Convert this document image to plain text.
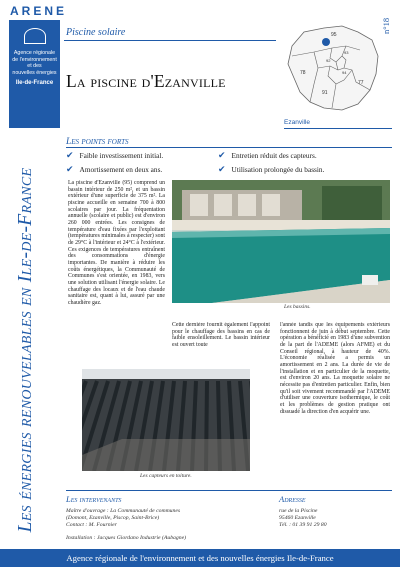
ARENE
Agence régionale
de l'environnement
et des
nouvelles énergies
Ile-de-France
Les énergies renouvelables en Ile-de-France
Piscine solaire
La piscine d'Ezanville
n°18
95
78
92
93
94
91
77
Ezanville
Les points forts
✔ Faible investissement initial.
✔ Amortissement en deux ans.
✔ Entretien réduit des capteurs.
✔ Utilisation prolongée du bassin.
La piscine d'Ezanville (95) comprend un bassin intérieur de 250 m², et un bassin extérieur d'une superficie de 375 m². La piscine accueille en semaine 700 à 800 scolaires par jour. La fréquentation annuelle (scolaire et public) est d'environ 260 000 entrées. Les consignes de température d'eau fixées par l'exploitant (températures minimales à respecter) sont de 29°C à l'intérieur et 24°C à l'extérieur. Ces exigences de températures entraînent des consommations d'énergie importantes. De manière à réduire les coûts énergétiques, la Communauté de Communes s'est orientée, en 1983, vers une solution utilisant l'énergie solaire. Le chauffage des locaux et de l'eau chaude sanitaire est, quant à lui, assuré par une chaudière gaz.
Cette dernière fournit également l'appoint pour le chauffage des bassins en cas de faible ensoleillement. Le bassin intérieur est ouvert toute
l'année tandis que les équipements extérieurs fonctionnent de juin à début septembre. Cette opération a bénéficié en 1983 d'une subvention de la part de l'ADEME (alors AFME) et du Conseil régional, à hauteur de 40%. L'économie réalisée a permis un amortissement en 2 ans. La durée de vie de l'installation et en particulier de la moquette, est d'environ 20 ans. La moquette solaire ne nécessite pas d'entretien particulier. Enfin, bien qu'il soit vivement recommandé par l'ADEME d'utiliser une couverture isothermique, le coût et les problèmes de gestion pratique ont dissuadé la direction d'en acquérir une.
Les bassins.
Les capteurs en toiture.
Les intervenants
Maître d'ouvrage : La Communauté de communes
(Domont, Ezanville, Piscop, Saint-Brice)
Contact : M. Fournier
Installation : Jacques Giordano Industrie (Aubagne)
Adresse
rue de la Piscine
95460 Ezanville
Tél. : 01 39 91 29 80
Agence régionale de l'environnement et des nouvelles énergies Ile-de-France
